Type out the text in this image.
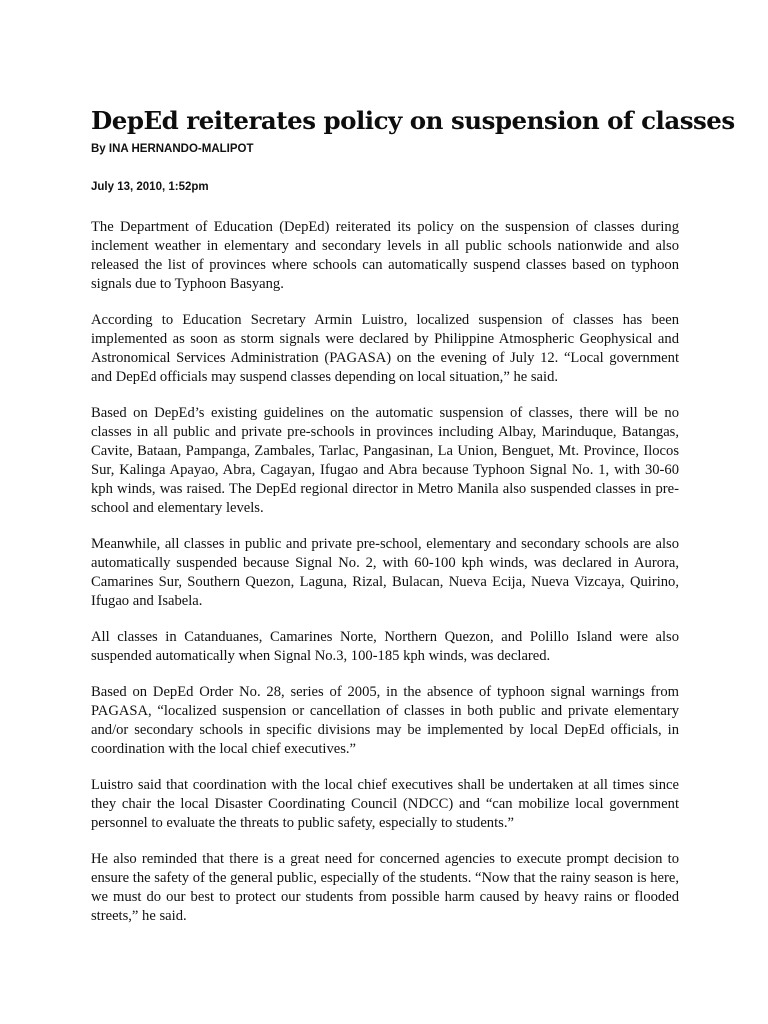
DepEd reiterates policy on suspension of classes
By INA HERNANDO-MALIPOT
July 13, 2010, 1:52pm

The Department of Education (DepEd) reiterated its policy on the suspension of classes during inclement weather in elementary and secondary levels in all public schools nationwide and also released the list of provinces where schools can automatically suspend classes based on typhoon signals due to Typhoon Basyang.

According to Education Secretary Armin Luistro, localized suspension of classes has been implemented as soon as storm signals were declared by Philippine Atmospheric Geophysical and Astronomical Services Administration (PAGASA) on the evening of July 12. “Local government and DepEd officials may suspend classes depending on local situation,” he said.

Based on DepEd’s existing guidelines on the automatic suspension of classes, there will be no classes in all public and private pre-schools in provinces including Albay, Marinduque, Batangas, Cavite, Bataan, Pampanga, Zambales, Tarlac, Pangasinan, La Union, Benguet, Mt. Province, Ilocos Sur, Kalinga Apayao, Abra, Cagayan, Ifugao and Abra because Typhoon Signal No. 1, with 30-60 kph winds, was raised. The DepEd regional director in Metro Manila also suspended classes in pre-school and elementary levels.

Meanwhile, all classes in public and private pre-school, elementary and secondary schools are also automatically suspended because Signal No. 2, with 60-100 kph winds, was declared in Aurora, Camarines Sur, Southern Quezon, Laguna, Rizal, Bulacan, Nueva Ecija, Nueva Vizcaya, Quirino, Ifugao and Isabela.

All classes in Catanduanes, Camarines Norte, Northern Quezon, and Polillo Island were also suspended automatically when Signal No.3, 100-185 kph winds, was declared.

Based on DepEd Order No. 28, series of 2005, in the absence of typhoon signal warnings from PAGASA, “localized suspension or cancellation of classes in both public and private elementary and/or secondary schools in specific divisions may be implemented by local DepEd officials, in coordination with the local chief executives.”

Luistro said that coordination with the local chief executives shall be undertaken at all times since they chair the local Disaster Coordinating Council (NDCC) and “can mobilize local government personnel to evaluate the threats to public safety, especially to students.”

He also reminded that there is a great need for concerned agencies to execute prompt decision to ensure the safety of the general public, especially of the students. “Now that the rainy season is here, we must do our best to protect our students from possible harm caused by heavy rains or flooded streets,” he said.
